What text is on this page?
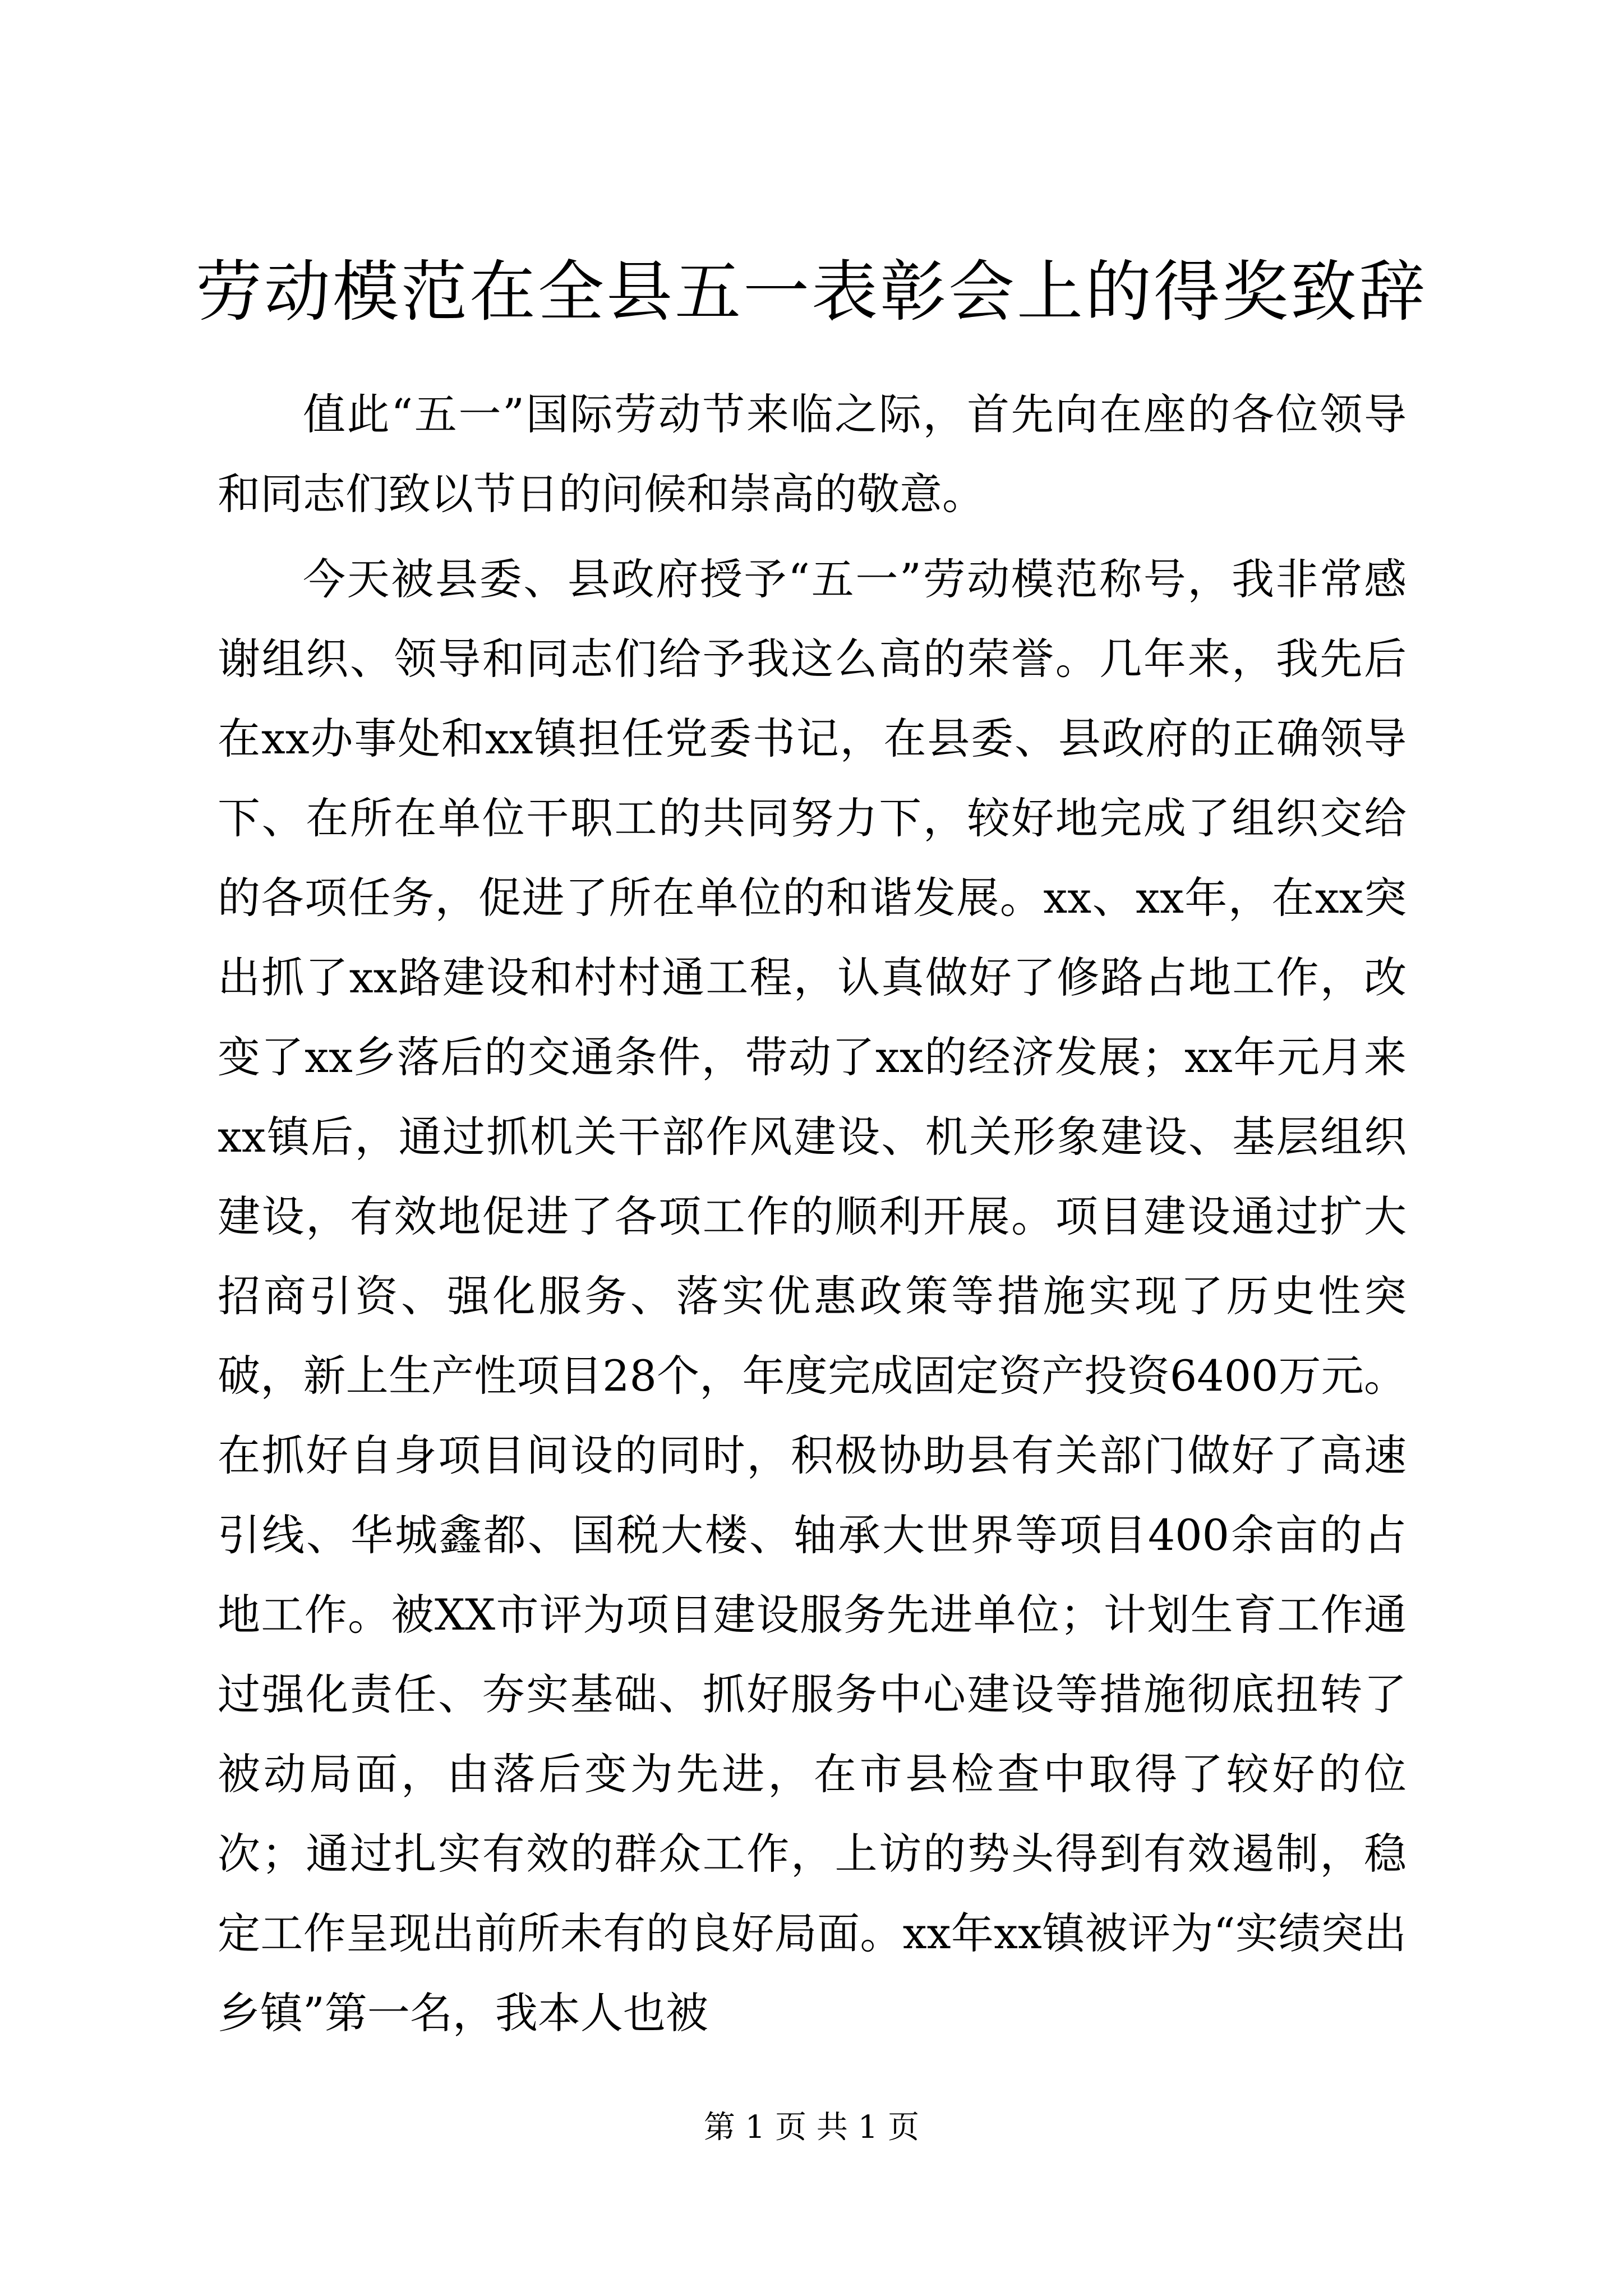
劳动模范在全县五一表彰会上的得奖致辞

值此“五一”国际劳动节来临之际，首先向在座的各位领导和同志们致以节日的问候和崇高的敬意。

今天被县委、县政府授予“五一”劳动模范称号，我非常感谢组织、领导和同志们给予我这么高的荣誉。几年来，我先后在xx办事处和xx镇担任党委书记，在县委、县政府的正确领导下、在所在单位干职工的共同努力下，较好地完成了组织交给的各项任务，促进了所在单位的和谐发展。xx、xx年，在xx突出抓了xx路建设和村村通工程，认真做好了修路占地工作，改变了xx乡落后的交通条件，带动了xx的经济发展；xx年元月来xx镇后，通过抓机关干部作风建设、机关形象建设、基层组织建设，有效地促进了各项工作的顺利开展。项目建设通过扩大招商引资、强化服务、落实优惠政策等措施实现了历史性突破，新上生产性项目28个，年度完成固定资产投资6400万元。在抓好自身项目间设的同时，积极协助县有关部门做好了高速引线、华城鑫都、国税大楼、轴承大世界等项目400余亩的占地工作。被XX市评为项目建设服务先进单位；计划生育工作通过强化责任、夯实基础、抓好服务中心建设等措施彻底扭转了被动局面，由落后变为先进，在市县检查中取得了较好的位次；通过扎实有效的群众工作，上访的势头得到有效遏制，稳定工作呈现出前所未有的良好局面。xx年xx镇被评为“实绩突出乡镇”第一名，我本人也被

第 1 页 共 1 页
